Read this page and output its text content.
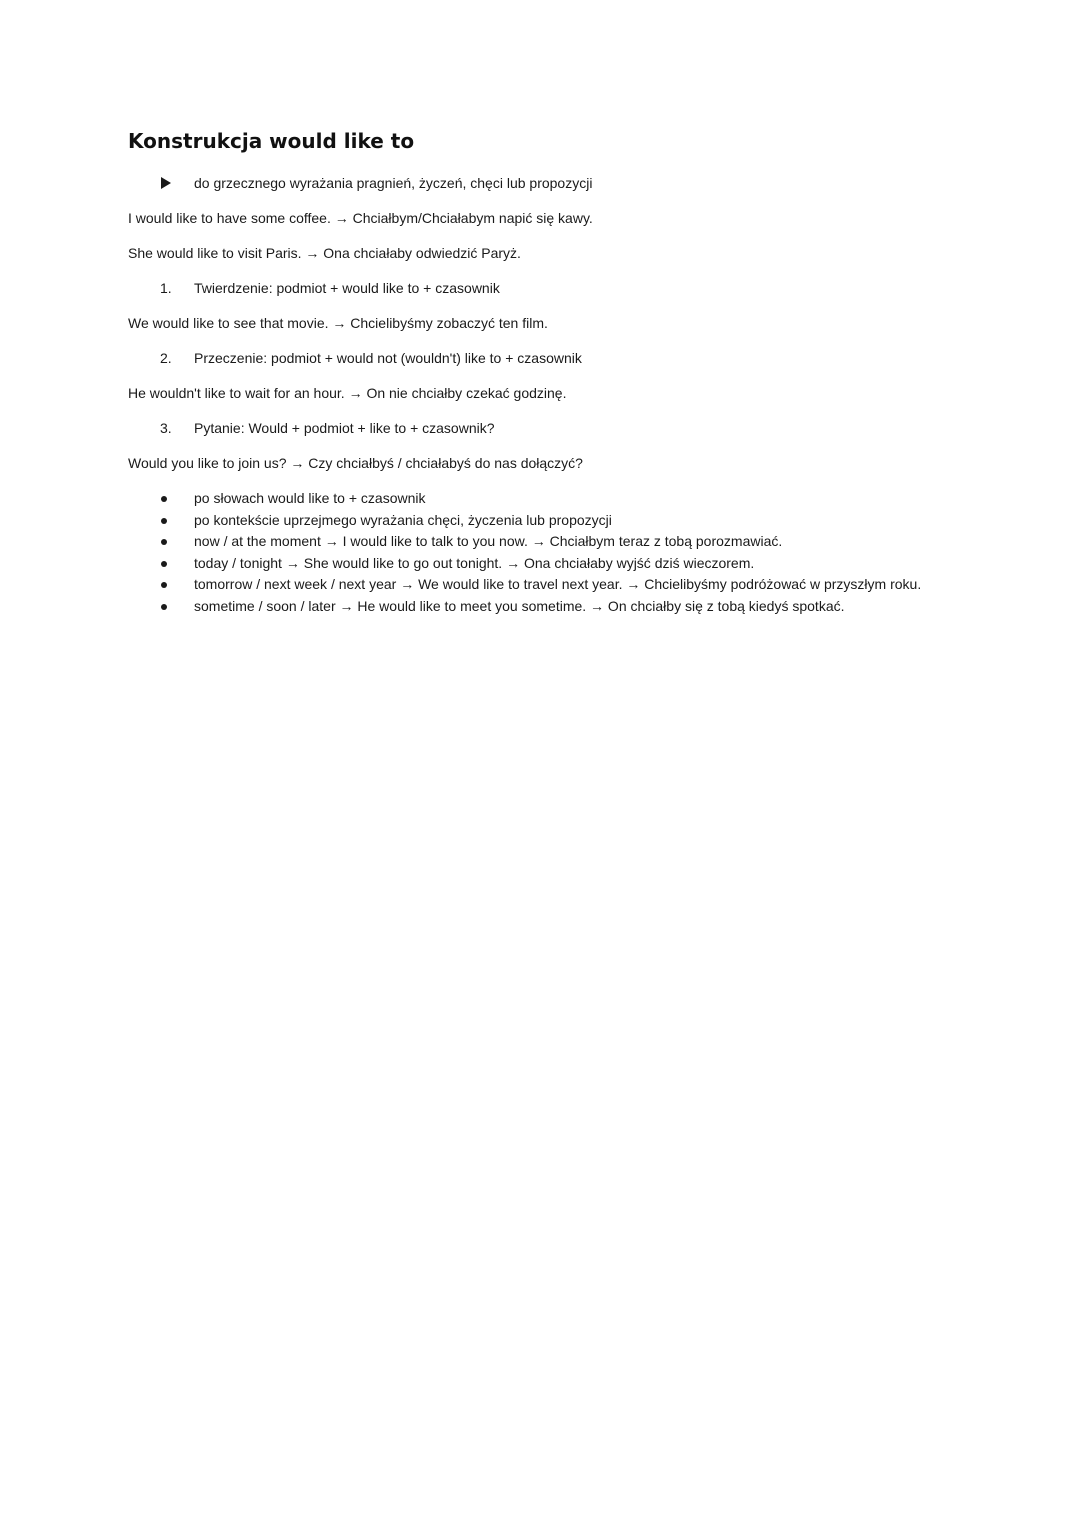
Konstrukcja would like to
do grzecznego wyrażania pragnień, życzeń, chęci lub propozycji
I would like to have some coffee. → Chciałbym/Chciałabym napić się kawy.
She would like to visit Paris. → Ona chciałaby odwiedzić Paryż.
1.	Twierdzenie: podmiot + would like to + czasownik
We would like to see that movie. → Chcielibyśmy zobaczyć ten film.
2.	Przeczenie: podmiot + would not (wouldn't) like to + czasownik
He wouldn't like to wait for an hour. → On nie chciałby czekać godzinę.
3.	Pytanie: Would + podmiot + like to + czasownik?
Would you like to join us? → Czy chciałbyś / chciałabyś do nas dołączyć?
po słowach would like to + czasownik
po kontekście uprzejmego wyrażania chęci, życzenia lub propozycji
now / at the moment → I would like to talk to you now. → Chciałbym teraz z tobą porozmawiać.
today / tonight → She would like to go out tonight. → Ona chciałaby wyjść dziś wieczorem.
tomorrow / next week / next year → We would like to travel next year. → Chcielibyśmy podróżować w przyszłym roku.
sometime / soon / later → He would like to meet you sometime. → On chciałby się z tobą kiedyś spotkać.
